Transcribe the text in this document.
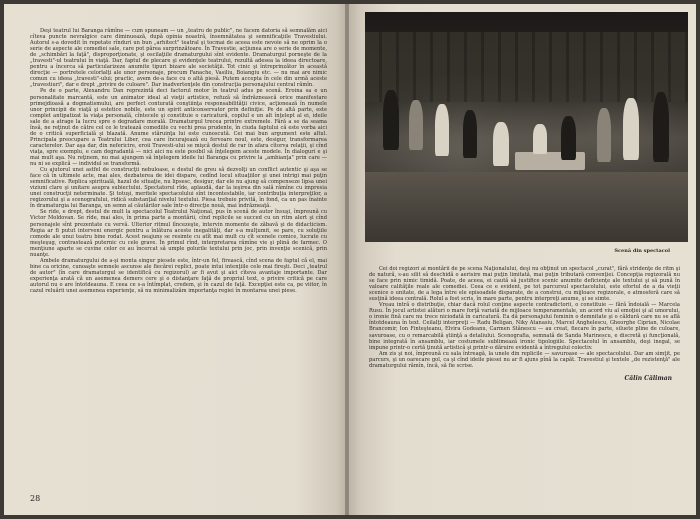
Deşi teatrul lui Baranga rămîne — cum spuneam — un „teatru de public", ne facem datoria să semnalăm aici cîteva puncte nevralgice care diminuează, după opinia noastră, însemnătatea şi semnificaţiile Travestiului. Autorul s-a dovedit în repetate rînduri un bun „arhitect" teatral şi tocmai de aceea este nevoie să ne oprim la o serie de aspecte ale comediei sale, care pot părea surprinzătoare. În Travestie, acţiunea are o serie de momente, de „schimbări la faţă", disproporţionate, şi oscilaţiile dramaturgului sînt evidente. Dramaturgul porneşte de la „travesti"-ul teatrului în viaţă. Dar, faptul de plecare şi evidenţele teatrului, rezultă adesea la ideea directoare, pentru a încerca să particularizeze anumite tipuri bizare ale societăţii. Tot cinic şi întreprinzător în această direcţie — portretele celorlalţi ale unor personaje, precum Fanache, Vasiliu, Boiangiu etc. — nu mai are nimic comun cu ideea „travesti"-ului; practic, avem de-a face cu o altă piesă. Putem accepta în cele din urmă aceste „travestiuri", dar e drept „privire de culoare". Dar inadvertenţele din construcţia personajului central rămîn.

Pe de o parte, Alexandru Dan reprezintă deci factorul motor în teatrul adus pe scenă. Eroina sa e un personalitate marcantă, este un animator ideal al vieţii artistice, refuză să îndrăznească orice manifestare primejdioasă a dogmatismului, are perfect conturată conştiinţa responsabilităţii civice, acţionează în numele unor principii de viaţă şi estetice nobile, este un spirit anticonservator prin definiţie. Pe de altă parte, este complet antipatizat la viaţa personală, cîntecele şi constituie o caricatură, copilul e un alt înţelept al ei, ideile sale de a atrage la lucru spre o degradare morală. Dramaturgul trecea printre extremele. Fără a se da seama însă, ne reţinut de către cel ce le tratează comediile cu vechi prea prudente, în ciuda faptului că este vorba aici de o critică superficială şi blazată. Anume stăruinţa lui este cunoscută. Cei mai bun argument este altul. Principala preocupare a Teatrului Liber, cea care încurajează eu fervoare noul, este, desigur, transformarea caracterelor. Dar aşa dar, din nefericire, eroii Travesti-ului se mişcă destul de rar în afara cîtorva relaţii, şi cînd viaţa, spre exemplu, e cam degradantă — nici aici nu este posibil să înţelegem aceste modele. În dialoguri e şi mai mult aşa. Nu reţinem, nu mai ajungem să înţelegem ideile lui Baranga cu privire la „ambianţa" prin care — nu ni se explică — individul se transformă.

Cu ajutorul unei astfel de construcţii nebuloase, e destul de greu să dezvolţi un conflict autentic şi aşa se face că în ultimele acte, mai ales, dezbaterea de idei dispare, cedînd locul situaţiilor şi unei intrigi mai puţin semnificative. Replica spirituală, hazul de situaţie, nu lipsesc, desigur, dar ele nu ajung să compenseze lipsa unei viziuni clare şi unitare asupra subiectului. Spectatorul rîde, aplaudă, dar la ieşirea din sală rămîne cu impresia unei construcţii neterminate. Şi totuşi, meritele spectacolului sînt incontestabile, iar contribuţia interpreţilor, a regizorului şi a scenografului, ridică substanţial nivelul textului. Piesa trebuie privită, în fond, ca un pas înainte în dramaturgia lui Baranga, un semn al căutărilor sale într-o direcţie nouă, mai îndrăzneaţă.

Se ride, e drept, destul de mult la spectacolul Teatrului Naţional, pus în scenă de autor însuşi, împreună cu Victor Moldovan. Se rîde, mai ales, în prima parte a montării, cînd replicile se succed cu un ritm alert şi cînd personajele sînt prezentate cu vervă. Ulterior ritmul lîncezeşte, intervin momente de zăbavă şi de didacticism. Regia ar fi putut interveni energic pentru a înlătura aceste inegalităţi, dar s-a mulţumit, se pare, cu soluţiile comode ale unui teatru bine rodat. Acest neajuns se resimte cu atît mai mult cu cît scenele comice, lucrate cu meşteşug, contrastează puternic cu cele grave. În primul rînd, interpretarea rămîne vie şi plină de farmec. O menţiune aparte se cuvine celor ce au încercat să umple golurile textului prin joc, prin invenţie scenică, prin nuanţe.

Ambele dramaturgului de a-şi monta singur piesele este, într-un fel, firească, cînd scena de faptul că el, mai bine ca oricine, cunoaşte semnele ascunse ale fiecărei replici, poate intui intenţiile cele mai fireşti. Deci „teatrul de autor" (în care dramaturgul se identifică cu regizorul) ar fi avut şi aici cîteva avantaje importante. Dar experienţa arată că un asemenea demers cere şi o distanţare faţă de propriul text, o privire critică pe care autorul nu o are întotdeauna. E ceea ce s-a întîmplat, credem, şi în cazul de faţă. Excepţiei este ca, pe viitor, în cazul reluării unei asemenea experienţe, să nu minimalizăm importanţa regiei în montarea unei piese.

28
Scenă din spectacol

Cei doi regizori ai montării de pe scena Naţionalului, deşi nu obţinut un spectacol „curat", fără stridenţe de ritm şi de natură, s-au silit să deschidă o aerisire mai puţin limitată, mai puţin tributară convenţiei. Concepţia regizorală nu se face prin nimic timidă. Poate, de aceea, ei caută să justifice scenic anumite deficienţe ale textului şi să pună în valoare calităţile reale ale comediei. Ceea ce e evident, pe tot parcursul spectacolului, este efortul de a da vieţii scenice o unitate, de a lega între ele episoadele disparate, de a construi, cu mijloace regizorale, o atmosferă care să susţină ideea centrală. Rolul a fost scris, în mare parte, pentru interpreţi anume, şi se simte.

Vreau intră o distribuţie, chiar dacă rolul conţine aspecte contradictorii, o constituie — fără îndoială — Marcela Rusu. În jocul artistei alături o mare forţă variată de mijloace temperamentale, un acord viu al emoţiei şi al umorului, o ironie fină care nu trece niciodată în caricatură. Ea dă personajului feminin o demnitate şi o căldură care nu se află întotdeauna în text. Ceilalţi interpreţi — Radu Beligan, Niky Atanasiu, Marcel Anghelescu, Gheorghe Ciprian, Nicolae Brancomir, Ion Finteşteanu, Elvira Godeanu, Carmen Stănescu — au creat, fiecare în parte, siluete pline de culoare, savuroase, cu o remarcabilă ştiinţă a detaliului. Scenografia, semnată de Sanda Marinescu, e discretă şi funcţională, bine integrată în ansamblu, iar costumele sublimează ironic tipologiile. Spectacolul în ansamblu, deşi inegal, se impune printr-o certă ţinută artistică şi printr-o dăruire evidentă a întregului colectiv.

Am zis şi noi, împreună cu sala întreagă, la unele din replicile — savuroase — ale spectacolului. Dar am simţit, pe parcurs, şi un oarecare gol, ca şi cînd ideile piesei nu ar fi ajuns pînă la capăt. Travestiul şi textele „de rezistenţă" ale dramaturgului rămîn, încă, să fie scrise.

Călin Căliman
